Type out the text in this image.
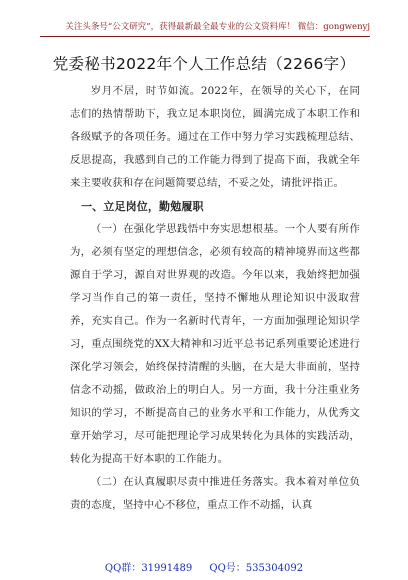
关注头条号“公文研究”，获得最新最全最专业的公文资料库！ 微信：gongwenyj
党委秘书2022年个人工作总结（2266字）

岁月不居，时节如流。2022年，在领导的关心下，在同志们的热情帮助下，我立足本职岗位，圆满完成了本职工作和各级赋予的各项任务。通过在工作中努力学习实践梳理总结、反思提高，我感到自己的工作能力得到了提高下面，我就全年来主要收获和存在问题简要总结，不妥之处，请批评指正。

一、立足岗位，勤勉履职

（一）在强化学思践悟中夯实思想根基。一个人要有所作为，必须有坚定的理想信念，必须有较高的精神境界而这些都源自于学习，源自对世界观的改造。今年以来，我始终把加强学习当作自己的第一责任，坚持不懈地从理论知识中汲取营养，充实自己。作为一名新时代青年，一方面加强理论知识学习，重点围绕党的XX大精神和习近平总书记系列重要论述进行深化学习领会，始终保持清醒的头脑，在大是大非面前，坚持信念不动摇，做政治上的明白人。另一方面，我十分注重业务知识的学习，不断提高自己的业务水平和工作能力，从优秀文章开始学习，尽可能把理论学习成果转化为具体的实践活动，转化为提高干好本职的工作能力。

（二）在认真履职尽责中推进任务落实。我本着对单位负责的态度，坚持中心不移位，重点工作不动摇，认真

QQ群：31991489 QQ号：535304092
